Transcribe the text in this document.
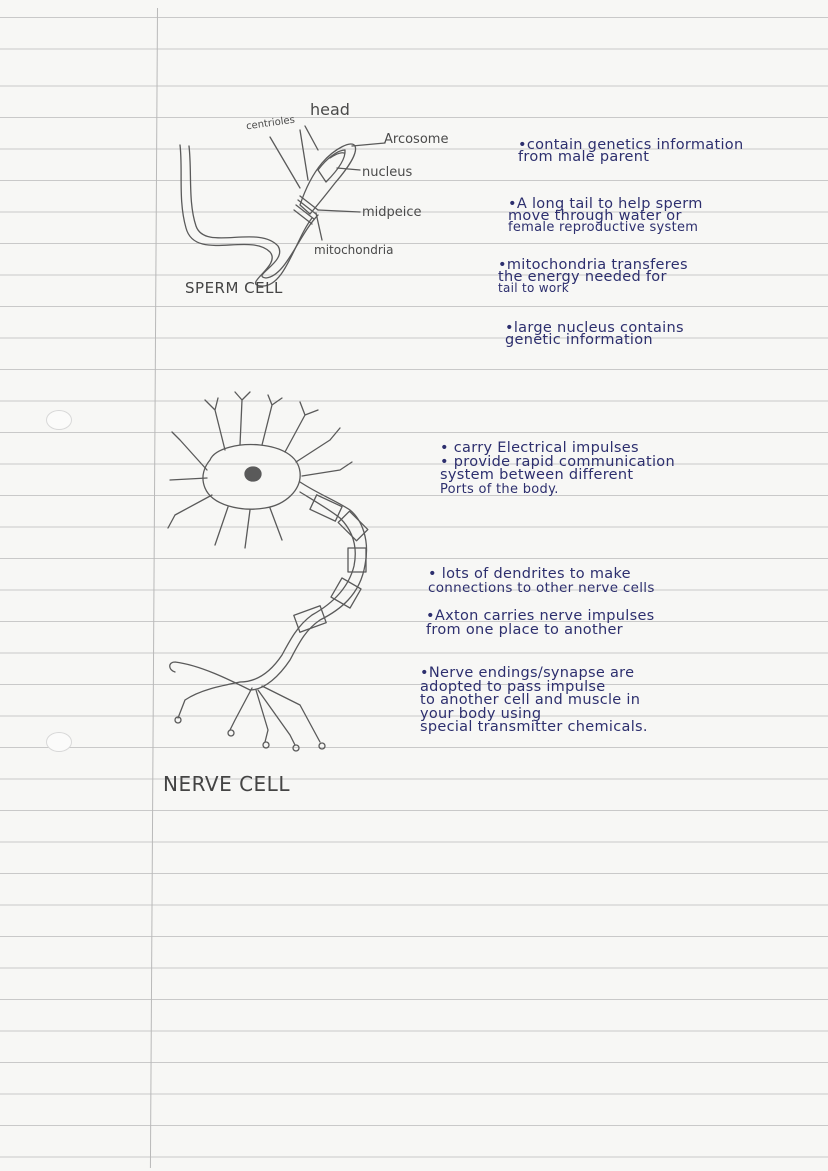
head
centrioles
Arcosome
nucleus
midpeice
mitochondria
SPERM CELL
•contain genetics information
from male parent
•A long tail to help sperm
move through water or
female reproductive system
•mitochondria transferes
the energy needed for
tail to work
•large nucleus contains
genetic information
• carry Electrical impulses
• provide rapid communication
system between different
Ports of the body.
• lots of dendrites to make
connections to other nerve cells
•Axton carries nerve impulses
from one place to another
•Nerve endings/synapse are
adopted to pass impulse
to another cell and muscle in
your body using
special transmitter chemicals.
NERVE CELL
